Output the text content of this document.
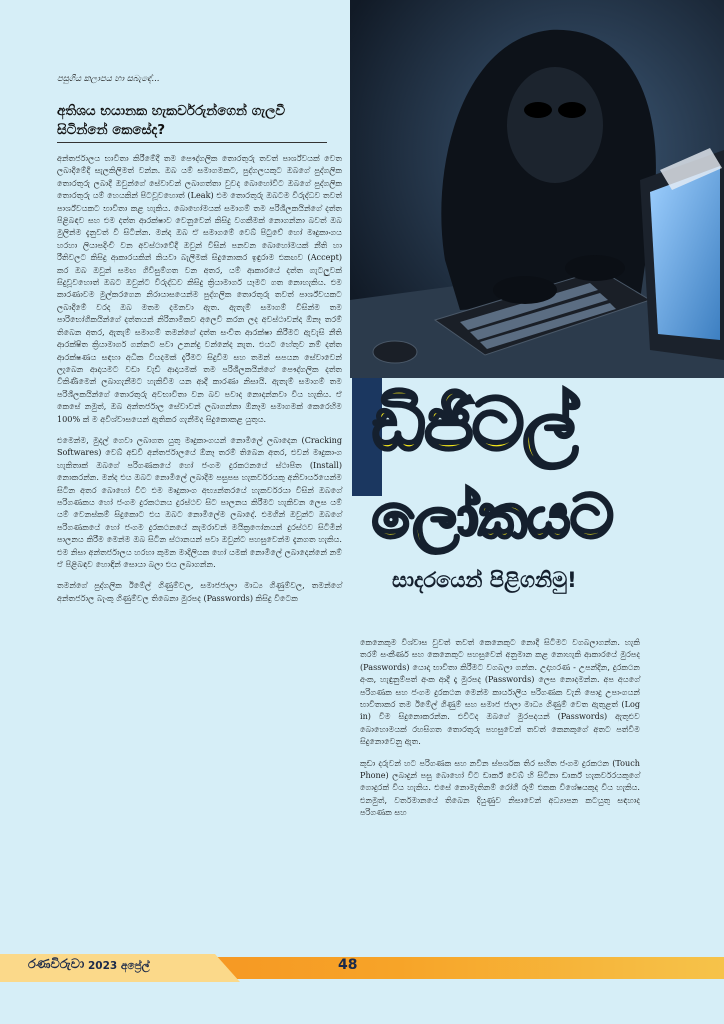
පසුගිය කලාපය හා සබැඳේ...
අතිශය භයානක හැකර්වරුන්ගෙන් ගැලවී සිටින්නේ කෙසේද?

අන්තර්ජාලය භාවිතා කිරීමේදී තම පෞද්ගලික තොරතුරු තවත් පාර්ශ්වයක් වෙත ලබාදීමේදී සැලකිලිමත් වන්න. ඔබ යම් සමාගමකට, පුද්ගලයකුට ඔබගේ පුද්ගලික තොරතුරු ලබාදී ඔවුන්ගේ සේවාවන් ලබාගත්තා වුවද බොහෝවිට ඔබගේ පුද්ගලික තොරතුරු යම් හෙයකින් පිටවූවහොත් (Leak) එම තොරතුරු ඔබටම විරුද්ධව තවත් පාර්ශ්වයකට භාවිතා කළ හැකිය. බොහෝමයක් සමාගම් තම පරිශීලකයින්ගේ දත්ත පිළිබඳව සහ එම දත්ත ආරක්ෂාව වෙනුවෙන් කිසිදු වගකීමක් නොගන්නා බවත් ඔබ මුලින්ම දැනුවත් වී සිටින්න. මන්ද ඔබ ඒ සමාගමේ වෙබ් පිටුවේ හෝ මෘදුකාංගය හරහා ලියාපදිංචි වන අවස්ථාවේදී ඔවුන් විසින් පනවන බොහෝමයක් නීති හා රීතිවලට කිසිදු ආකාරයකින් කියවා බැලීමක් සිදුනොකර ඉඳුරාම එකඟව (Accept) කර ඔබ ඔවුන් සමඟ ගිවිසුම්ගත වන අතර, යම් ආකාරයේ දත්ත ගැටලුවක් සිදුවූවහොත් ඔබට ඔවුන්ට විරුද්ධව කිසිදු ක්‍රියාමාර්ග යෑමට ගත නොහැකිය. එම කාරණාවම මුල්කරගෙන නිරායාසයෙන්ම පුද්ගලික තොරතුරු තවත් පාර්ශ්වයකට ලබාදීමේ වරද ඔබ මතම දමනවා ඇත. ඇතැම් සමාගම් විසින්ම තම පාරිභෝගිකයින්ගේ දත්තයන් නිරිනාමිකව අලෙවි කරන ලද අවස්ථාවන්ද ඕනෑ තරම් තිබෙන අතර, ඇතැම් සමාගම් තමන්ගේ දත්ත සංචිත ආරක්ෂා කිරීමට ඇවැසි නීති ආරක්ෂිත ක්‍රියාමාර්ග ගන්නට පවා උනන්දු වන්නේද නැත. එයට හේතුව නම් දත්ත ආරක්ෂණය සඳහා අධික වියදමක් දැරීමට සිදුවීම සහ තමන් සපයන සේවාවෙන් ලැබෙන ආදායමට වඩා වැඩි ආදායමක් තම පරිශීලකයින්ගේ පෞද්ගලික දත්ත විකිණීමෙන් ලබාගැනීමට හැකිවීම යන ආදී කාරණා නිසායි. ඇතැම් සමාගම් තම පරිශීලකයින්ගේ තොරතුරු අවභාවිතා වන බව පවාද නොදන්නවා විය හැකිය. ඒ කෙසේ නමුත්, ඔබ අන්තර්ජාල සේවාවන් ලබාගන්නා ඕනෑම සමාගමක් කෙරෙහිම 100% ක් ම අවිශ්වාසයෙන් ඇතිකර ගැනීමද සිදුකොකළ යුතුය.

එමෙන්ම, මුදල් ගෙවා ලබාගත යුතු මෘදුකාංගයන් නොමිලේ ලබාදෙන (Cracking Softwares) වෙබ් අඩවි අන්තර්ජාලයේ ඕනෑ තරම් තිබෙන අතර, එවන් මෘදුකාංග හැකිතාක් ඔබගේ පරිගණකයේ හෝ ජංගම දුරකථනයේ ස්ථාපිත (Install) නොකරන්න. මන්ද එය ඔබට නොමිලේ ලබාදීම පසුපස හැකර්වරයකු අනිවාර්යයෙන්ම සිටින අතර බොහෝ විට එම මෘදුකාංග අභ්‍යන්තරයේ හැකර්වරයා විසින් ඔබගේ පරිගණකය හෝ ජංගම දුරකථනය දුරස්ථව සිට පාලනය කිරීමට හැකිවන ලෙස යම් යම් වෙනස්කම් සිදුකොට එය ඔබට නොමිලේම ලබාදේ. එමගින් ඔවුන්ට ඔබගේ පරිගණකයේ හෝ ජංගම දුරකථනයේ කැමරාවන් මයික්‍රෆෝනයන් දුරස්ථව සිටිමින් පාලනය කිරීම මෙන්ම ඔබ සිටින ස්ථානයන් පවා ඔවුන්ට පහසුවෙන්ම දැනගත හැකිය. එම නිසා අන්තර්ජාලය හරහා කුමන මාදිලියක හෝ යමක් නොමිලේ ලබාදෙන්නේ නම් ඒ පිළිබඳව හොඳින් සොයා බලා එය ලබාගන්න.

තමන්ගේ පුද්ගලික ඊමේල් ගිණුම්වල, සමාජජාලා මාධ්‍ය ගිණුම්වල, තමන්ගේ අන්තර්ජාල බැංකු ගිණුම්වල තිබෙනා මුරපද (Passwords) කිසිදු විටෙක

ඩිජිටල්
ලෝකයට
සාදරයෙන් පිළිගනිමු!

කෙනෙකුම විශ්වාස වුවත් තවත් කෙනෙකුට නොදී සිටීමට වගබලාගන්න. හැකි තරම් සංකීර්ණ සහ කෙනෙකුට පහසුවෙන් අනුමාන කළ නොහැකි ආකාරයේ මුරපද (Passwords) යොදා භාවිතා කිරීමට වගබලා ගන්න. උදාහරණ - උපන්දින, දුරකථන අංක, හැඳුනුම්පත් අංක ආදී දෑ මුරපද (Passwords) ලෙස නොදමන්න. අප අයගේ පරිගණක සහ ජංගම දුරකථන මෙන්ම කාර්යාලීය පරිගණක වැනි පොදු උපාංගයන් භාවිතාකර තම ඊමේල් ගිණුම් සහ සමාජ ජාලා මාධ්‍ය ගිණුම් වෙත ඇතුළත් (Log in) වීම සිදුනොකරන්න. එවිටද ඔබගේ මුරපදයන් (Passwords) ඇතුළුව බොහොමයක් රහසිගත තොරතුරු පහසුවෙන් තවත් කෙනකුගේ අතට පත්වීම සිදුනොවෙනු ඇත.

කුඩා දරුවන් හට පරිගණක සහ නවීන ස්පර්ශක තිර සහිත ජංගම දුරකථන (Touch Phone) ලබාදුන් පසු බොහෝ විට ඩාර්ක් වෙබ් හි සිටිනා ඩාර්ක් හැකර්වරයකුගේ ගොදුරක් විය හැකිය. එසේ නොමැතිනම් රෝගී රූම් එකක විශේෂයකුද විය හැකිය. එනමුත්, වර්තමානයේ තිබෙන දියුණුව නිසාවෙන් අධ්‍යාපන කටයුතු සඳහාද පරිගණක සහ

රණවිරුවා 2023 අප්‍රේල්	48
